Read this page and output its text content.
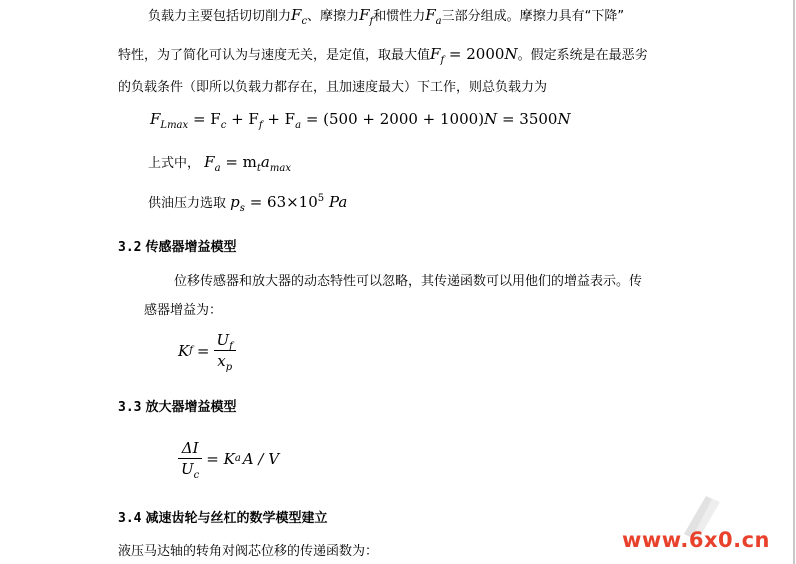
负载力主要包括切切削力$F_c$、摩擦力$F_f$和惯性力$F_a$三部分组成。摩擦力具有“下降”
特性，为了简化可认为与速度无关，是定值，取最大值$F_f = 2000N$。假定系统是在最恶劣
的负载条件（即所以负载力都存在，且加速度最大）下工作，则总负载力为
$F_{Lmax} = F_c + F_f + F_a = (500 + 2000 + 1000)N = 3500N$
上式中， $F_a = m_ta_{max}$
供油压力选取 $p_s = 63\times 10^5$ Pa
3.2 传感器增益模型
位移传感器和放大器的动态特性可以忽略，其传递函数可以用他们的增益表示。传
感器增益为：
K $f = \frac{U_f}{x_p}$
3.3 放大器增益模型
$\frac{\Delta I}{U_c} = K$ a A / V
3.4 减速齿轮与丝杠的数学模型建立
液压马达轴的转角对阀芯位移的传递函数为：	www.6x0.cn
